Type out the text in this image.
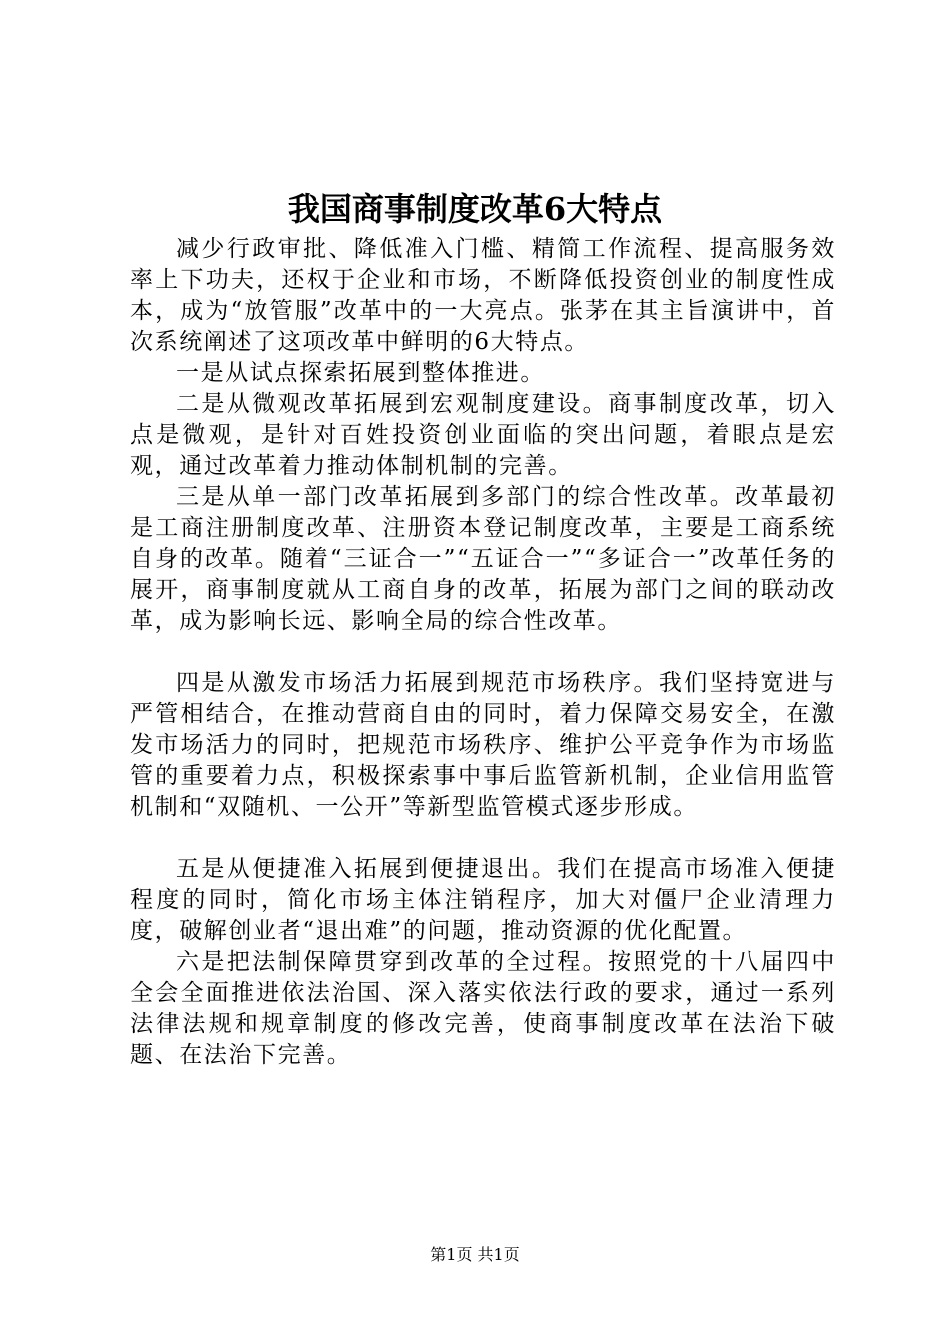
我国商事制度改革6大特点

减少行政审批、降低准入门槛、精简工作流程、提高服务效率上下功夫，还权于企业和市场，不断降低投资创业的制度性成本，成为“放管服”改革中的一大亮点。张茅在其主旨演讲中，首次系统阐述了这项改革中鲜明的6大特点。

一是从试点探索拓展到整体推进。

二是从微观改革拓展到宏观制度建设。商事制度改革，切入点是微观，是针对百姓投资创业面临的突出问题，着眼点是宏观，通过改革着力推动体制机制的完善。

三是从单一部门改革拓展到多部门的综合性改革。改革最初是工商注册制度改革、注册资本登记制度改革，主要是工商系统自身的改革。随着“三证合一”“五证合一”“多证合一”改革任务的展开，商事制度就从工商自身的改革，拓展为部门之间的联动改革，成为影响长远、影响全局的综合性改革。

四是从激发市场活力拓展到规范市场秩序。我们坚持宽进与严管相结合，在推动营商自由的同时，着力保障交易安全，在激发市场活力的同时，把规范市场秩序、维护公平竞争作为市场监管的重要着力点，积极探索事中事后监管新机制，企业信用监管机制和“双随机、一公开”等新型监管模式逐步形成。

五是从便捷准入拓展到便捷退出。我们在提高市场准入便捷程度的同时，简化市场主体注销程序，加大对僵尸企业清理力度，破解创业者“退出难”的问题，推动资源的优化配置。

六是把法制保障贯穿到改革的全过程。按照党的十八届四中全会全面推进依法治国、深入落实依法行政的要求，通过一系列法律法规和规章制度的修改完善，使商事制度改革在法治下破题、在法治下完善。

第1页 共1页
